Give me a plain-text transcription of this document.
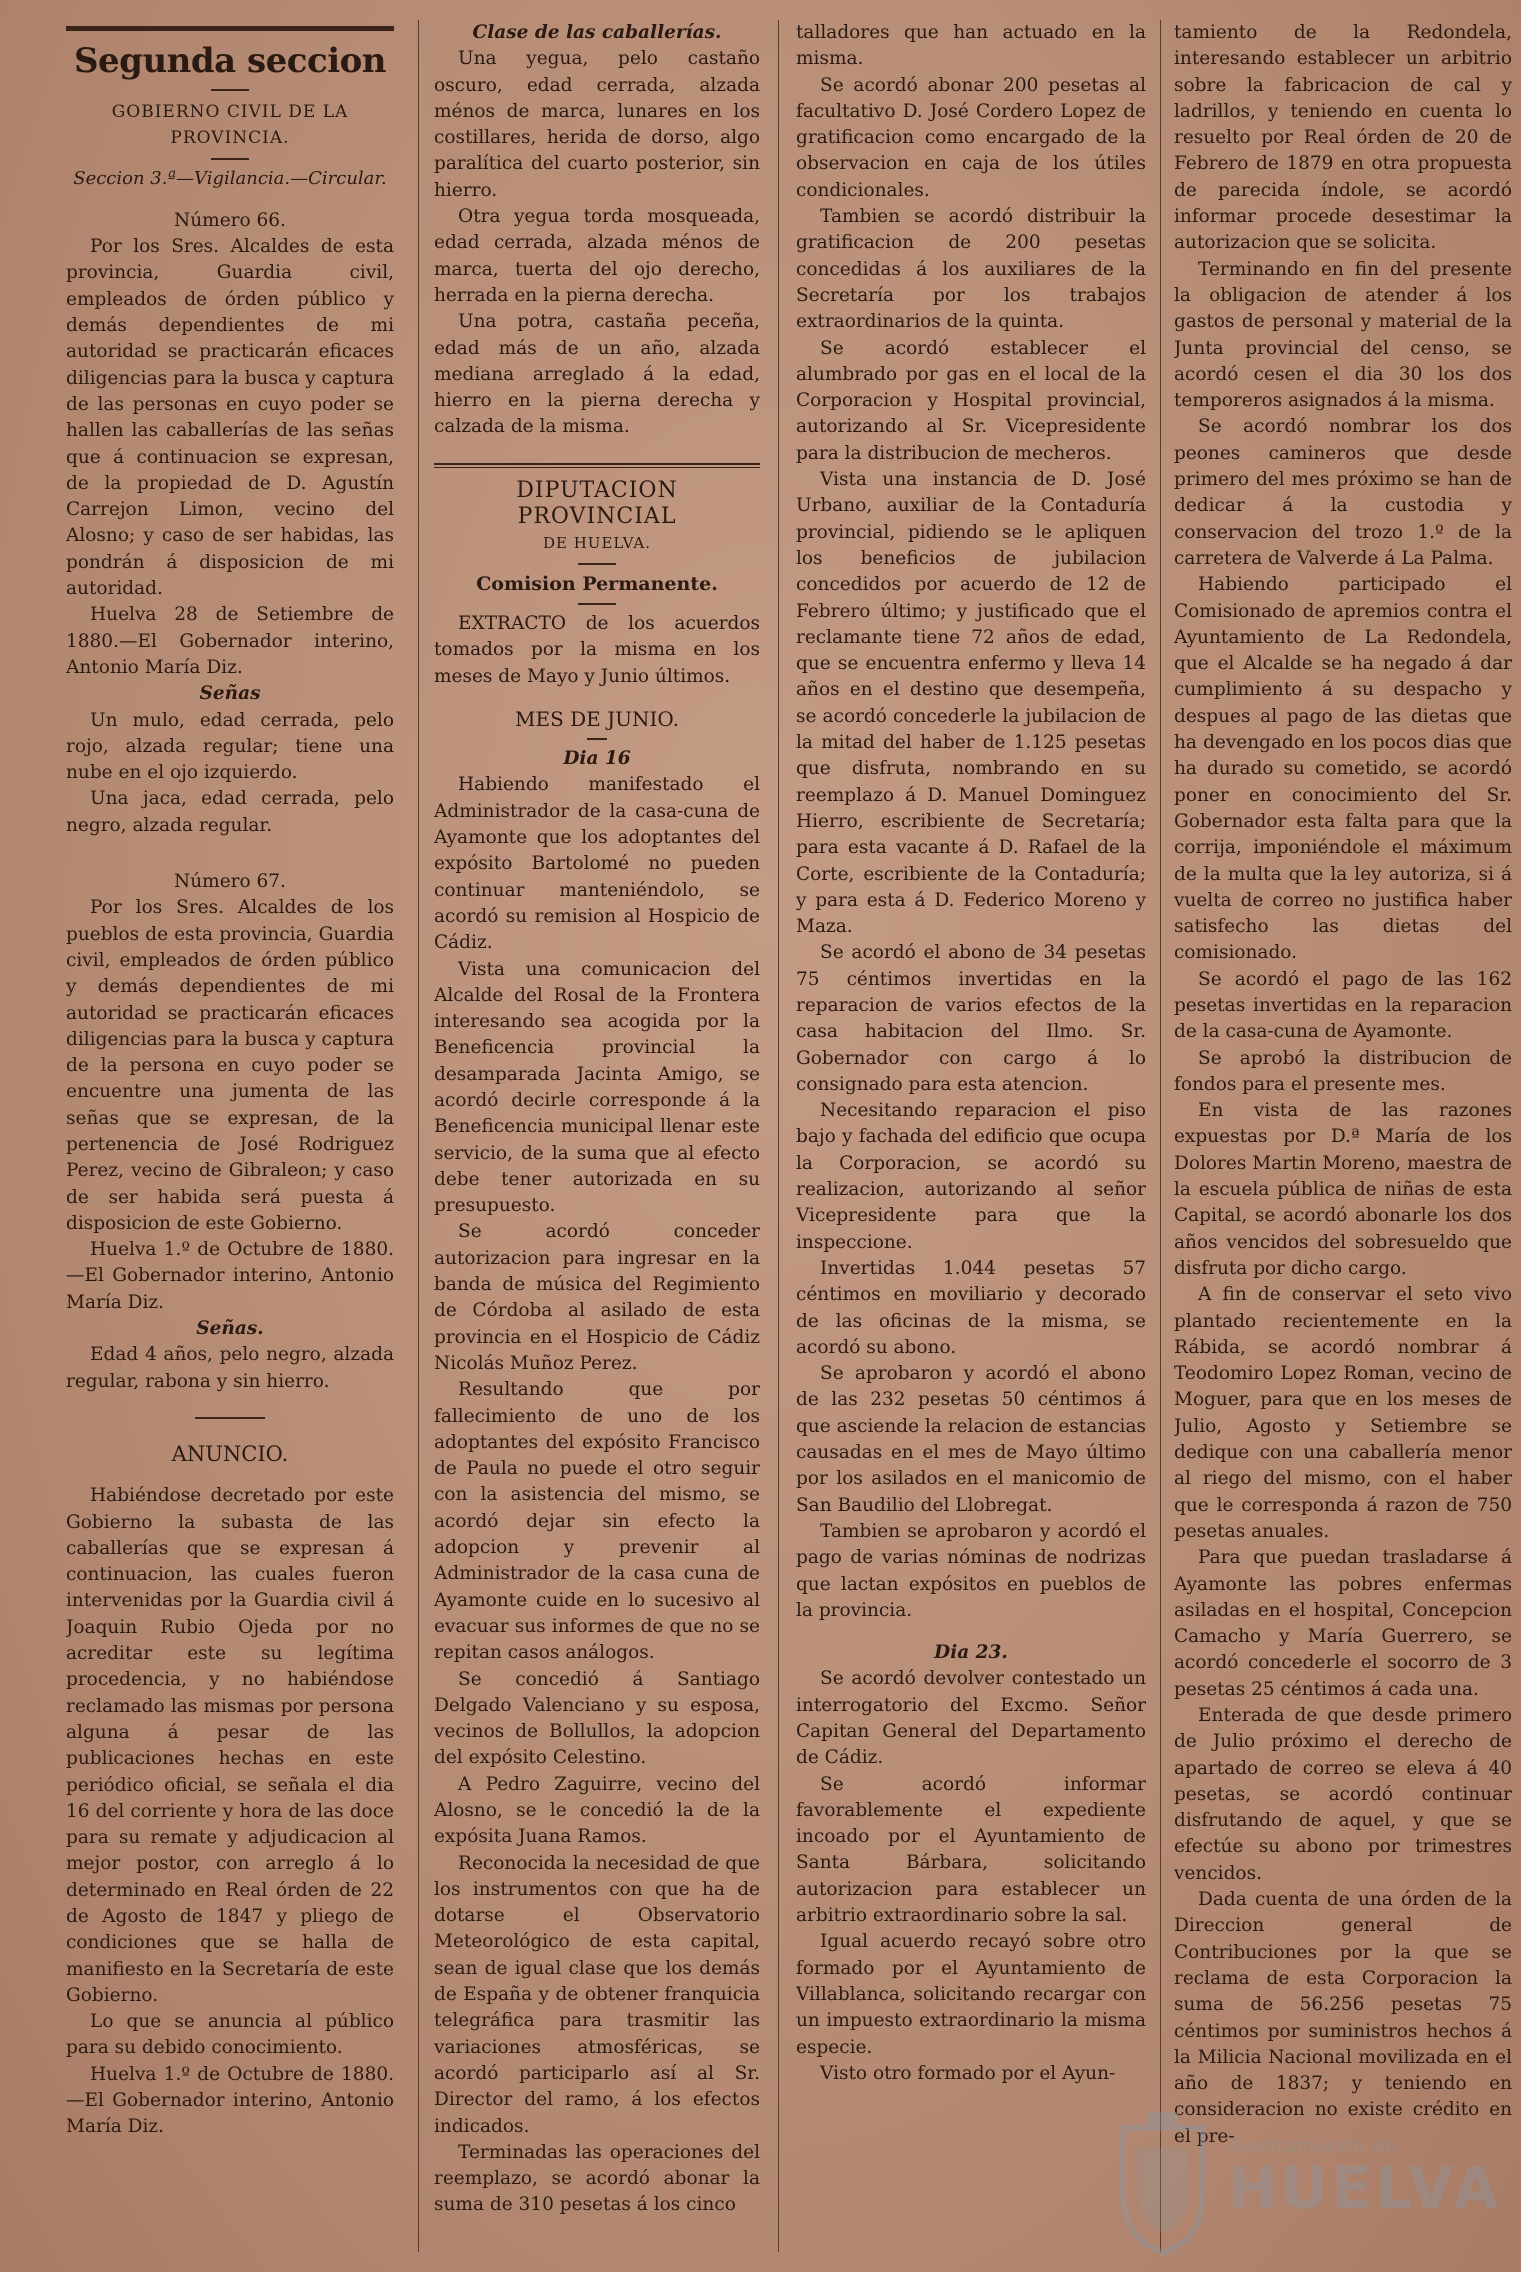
Segunda seccion
GOBIERNO CIVIL DE LA PROVINCIA.
Seccion 3.ª—Vigilancia.—Circular.

Número 66.

Por los Sres. Alcaldes de esta provincia, Guardia civil, empleados de órden público y demás dependientes de mi autoridad se practicarán eficaces diligencias para la busca y captura de las personas en cuyo poder se hallen las caballerías de las señas que á continuacion se expresan, de la propiedad de D. Agustín Carrejon Limon, vecino del Alosno; y caso de ser habidas, las pondrán á disposicion de mi autoridad.

Huelva 28 de Setiembre de 1880.—El Gobernador interino, Antonio María Diz.

Señas

Un mulo, edad cerrada, pelo rojo, alzada regular; tiene una nube en el ojo izquierdo.

Una jaca, edad cerrada, pelo negro, alzada regular.

Número 67.

Por los Sres. Alcaldes de los pueblos de esta provincia, Guardia civil, empleados de órden público y demás dependientes de mi autoridad se practicarán eficaces diligencias para la busca y captura de la persona en cuyo poder se encuentre una jumenta de las señas que se expresan, de la pertenencia de José Rodriguez Perez, vecino de Gibraleon; y caso de ser habida será puesta á disposicion de este Gobierno.

Huelva 1.º de Octubre de 1880.—El Gobernador interino, Antonio María Diz.

Señas.

Edad 4 años, pelo negro, alzada regular, rabona y sin hierro.

ANUNCIO.

Habiéndose decretado por este Gobierno la subasta de las caballerías que se expresan á continuacion, las cuales fueron intervenidas por la Guardia civil á Joaquin Rubio Ojeda por no acreditar este su legítima procedencia, y no habiéndose reclamado las mismas por persona alguna á pesar de las publicaciones hechas en este periódico oficial, se señala el dia 16 del corriente y hora de las doce para su remate y adjudicacion al mejor postor, con arreglo á lo determinado en Real órden de 22 de Agosto de 1847 y pliego de condiciones que se halla de manifiesto en la Secretaría de este Gobierno.

Lo que se anuncia al público para su debido conocimiento.

Huelva 1.º de Octubre de 1880.—El Gobernador interino, Antonio María Diz.

Clase de las caballerías.

Una yegua, pelo castaño oscuro, edad cerrada, alzada ménos de marca, lunares en los costillares, herida de dorso, algo paralítica del cuarto posterior, sin hierro.

Otra yegua torda mosqueada, edad cerrada, alzada ménos de marca, tuerta del ojo derecho, herrada en la pierna derecha.

Una potra, castaña peceña, edad más de un año, alzada mediana arreglado á la edad, hierro en la pierna derecha y calzada de la misma.

DIPUTACION PROVINCIAL
DE HUELVA.

Comision Permanente.

EXTRACTO de los acuerdos tomados por la misma en los meses de Mayo y Junio últimos.

MES DE JUNIO.

Dia 16

Habiendo manifestado el Administrador de la casa-cuna de Ayamonte que los adoptantes del expósito Bartolomé no pueden continuar manteniéndolo, se acordó su remision al Hospicio de Cádiz.

Vista una comunicacion del Alcalde del Rosal de la Frontera interesando sea acogida por la Beneficencia provincial la desamparada Jacinta Amigo, se acordó decirle corresponde á la Beneficencia municipal llenar este servicio, de la suma que al efecto debe tener autorizada en su presupuesto.

Se acordó conceder autorizacion para ingresar en la banda de música del Regimiento de Córdoba al asilado de esta provincia en el Hospicio de Cádiz Nicolás Muñoz Perez.

Resultando que por fallecimiento de uno de los adoptantes del expósito Francisco de Paula no puede el otro seguir con la asistencia del mismo, se acordó dejar sin efecto la adopcion y prevenir al Administrador de la casa cuna de Ayamonte cuide en lo sucesivo al evacuar sus informes de que no se repitan casos análogos.

Se concedió á Santiago Delgado Valenciano y su esposa, vecinos de Bollullos, la adopcion del expósito Celestino.

A Pedro Zaguirre, vecino del Alosno, se le concedió la de la expósita Juana Ramos.

Reconocida la necesidad de que los instrumentos con que ha de dotarse el Observatorio Meteorológico de esta capital, sean de igual clase que los demás de España y de obtener franquicia telegráfica para trasmitir las variaciones atmosféricas, se acordó participarlo así al Sr. Director del ramo, á los efectos indicados.

Terminadas las operaciones del reemplazo, se acordó abonar la suma de 310 pesetas á los cinco

talladores que han actuado en la misma.

Se acordó abonar 200 pesetas al facultativo D. José Cordero Lopez de gratificacion como encargado de la observacion en caja de los útiles condicionales.

Tambien se acordó distribuir la gratificacion de 200 pesetas concedidas á los auxiliares de la Secretaría por los trabajos extraordinarios de la quinta.

Se acordó establecer el alumbrado por gas en el local de la Corporacion y Hospital provincial, autorizando al Sr. Vicepresidente para la distribucion de mecheros.

Vista una instancia de D. José Urbano, auxiliar de la Contaduría provincial, pidiendo se le apliquen los beneficios de jubilacion concedidos por acuerdo de 12 de Febrero último; y justificado que el reclamante tiene 72 años de edad, que se encuentra enfermo y lleva 14 años en el destino que desempeña, se acordó concederle la jubilacion de la mitad del haber de 1.125 pesetas que disfruta, nombrando en su reemplazo á D. Manuel Dominguez Hierro, escribiente de Secretaría; para esta vacante á D. Rafael de la Corte, escribiente de la Contaduría; y para esta á D. Federico Moreno y Maza.

Se acordó el abono de 34 pesetas 75 céntimos invertidas en la reparacion de varios efectos de la casa habitacion del Ilmo. Sr. Gobernador con cargo á lo consignado para esta atencion.

Necesitando reparacion el piso bajo y fachada del edificio que ocupa la Corporacion, se acordó su realizacion, autorizando al señor Vicepresidente para que la inspeccione.

Invertidas 1.044 pesetas 57 céntimos en moviliario y decorado de las oficinas de la misma, se acordó su abono.

Se aprobaron y acordó el abono de las 232 pesetas 50 céntimos á que asciende la relacion de estancias causadas en el mes de Mayo último por los asilados en el manicomio de San Baudilio del Llobregat.

Tambien se aprobaron y acordó el pago de varias nóminas de nodrizas que lactan expósitos en pueblos de la provincia.

Dia 23.

Se acordó devolver contestado un interrogatorio del Excmo. Señor Capitan General del Departamento de Cádiz.

Se acordó informar favorablemente el expediente incoado por el Ayuntamiento de Santa Bárbara, solicitando autorizacion para establecer un arbitrio extraordinario sobre la sal.

Igual acuerdo recayó sobre otro formado por el Ayuntamiento de Villablanca, solicitando recargar con un impuesto extraordinario la misma especie.

Visto otro formado por el Ayun-

tamiento de la Redondela, interesando establecer un arbitrio sobre la fabricacion de cal y ladrillos, y teniendo en cuenta lo resuelto por Real órden de 20 de Febrero de 1879 en otra propuesta de parecida índole, se acordó informar procede desestimar la autorizacion que se solicita.

Terminando en fin del presente la obligacion de atender á los gastos de personal y material de la Junta provincial del censo, se acordó cesen el dia 30 los dos temporeros asignados á la misma.

Se acordó nombrar los dos peones camineros que desde primero del mes próximo se han de dedicar á la custodia y conservacion del trozo 1.º de la carretera de Valverde á La Palma.

Habiendo participado el Comisionado de apremios contra el Ayuntamiento de La Redondela, que el Alcalde se ha negado á dar cumplimiento á su despacho y despues al pago de las dietas que ha devengado en los pocos dias que ha durado su cometido, se acordó poner en conocimiento del Sr. Gobernador esta falta para que la corrija, imponiéndole el máximum de la multa que la ley autoriza, si á vuelta de correo no justifica haber satisfecho las dietas del comisionado.

Se acordó el pago de las 162 pesetas invertidas en la reparacion de la casa-cuna de Ayamonte.

Se aprobó la distribucion de fondos para el presente mes.

En vista de las razones expuestas por D.ª María de los Dolores Martin Moreno, maestra de la escuela pública de niñas de esta Capital, se acordó abonarle los dos años vencidos del sobresueldo que disfruta por dicho cargo.

A fin de conservar el seto vivo plantado recientemente en la Rábida, se acordó nombrar á Teodomiro Lopez Roman, vecino de Moguer, para que en los meses de Julio, Agosto y Setiembre se dedique con una caballería menor al riego del mismo, con el haber que le corresponda á razon de 750 pesetas anuales.

Para que puedan trasladarse á Ayamonte las pobres enfermas asiladas en el hospital, Concepcion Camacho y María Guerrero, se acordó concederle el socorro de 3 pesetas 25 céntimos á cada una.

Enterada de que desde primero de Julio próximo el derecho de apartado de correo se eleva á 40 pesetas, se acordó continuar disfrutando de aquel, y que se efectúe su abono por trimestres vencidos.

Dada cuenta de una órden de la Direccion general de Contribuciones por la que se reclama de esta Corporacion la suma de 56.256 pesetas 75 céntimos por suministros hechos á la Milicia Nacional movilizada en el año de 1837; y teniendo en consideracion no existe crédito en el pre-

Ayuntamiento de
HUELVA
